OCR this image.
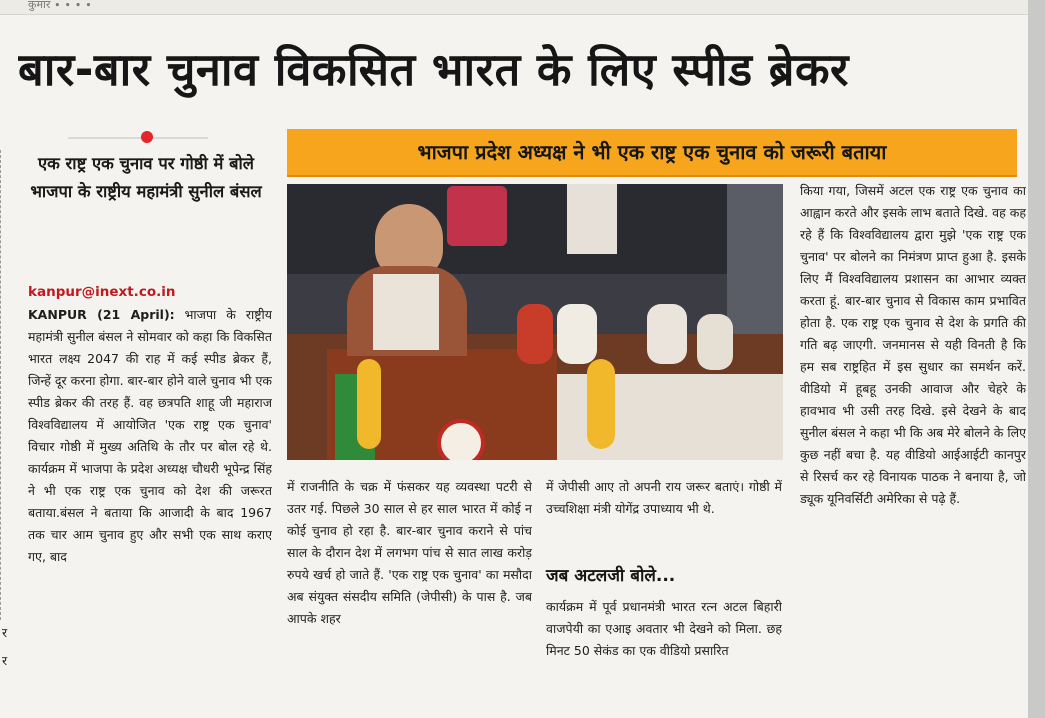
कुमार ∙ ∙ ∙ ∙
बार-बार चुनाव विकसित भारत के लिए स्पीड ब्रेकर
एक राष्ट्र एक चुनाव पर गोष्ठी में बोले भाजपा के राष्ट्रीय महामंत्री सुनील बंसल
kanpur@inext.co.in
भाजपा प्रदेश अध्यक्ष ने भी एक राष्ट्र एक चुनाव को जरूरी बताया
KANPUR (21 April): भाजपा के राष्ट्रीय महामंत्री सुनील बंसल ने सोमवार को कहा कि विकसित भारत लक्ष्य 2047 की राह में कई स्पीड ब्रेकर हैं, जिन्हें दूर करना होगा. बार-बार होने वाले चुनाव भी एक स्पीड ब्रेकर की तरह हैं. वह छत्रपति शाहू जी महाराज विश्वविद्यालय में आयोजित 'एक राष्ट्र एक चुनाव' विचार गोष्ठी में मुख्य अतिथि के तौर पर बोल रहे थे. कार्यक्रम में भाजपा के प्रदेश अध्यक्ष चौधरी भूपेन्द्र सिंह ने भी एक राष्ट्र एक चुनाव को देश की जरूरत बताया.बंसल ने बताया कि आजादी के बाद 1967 तक चार आम चुनाव हुए और सभी एक साथ कराए गए, बाद
में राजनीति के चक्र में फंसकर यह व्यवस्था पटरी से उतर गई. पिछले 30 साल से हर साल भारत में कोई न कोई चुनाव हो रहा है. बार-बार चुनाव कराने से पांच साल के दौरान देश में लगभग पांच से सात लाख करोड़ रुपये खर्च हो जाते हैं. 'एक राष्ट्र एक चुनाव' का मसौदा अब संयुक्त संसदीय समिति (जेपीसी) के पास है. जब आपके शहर
में जेपीसी आए तो अपनी राय जरूर बताएं। गोष्ठी में उच्चशिक्षा मंत्री योगेंद्र उपाध्याय भी थे.
जब अटलजी बोले...
कार्यक्रम में पूर्व प्रधानमंत्री भारत रत्न अटल बिहारी वाजपेयी का एआइ अवतार भी देखने को मिला. छह मिनट 50 सेकंड का एक वीडियो प्रसारित
किया गया, जिसमें अटल एक राष्ट्र एक चुनाव का आह्वान करते और इसके लाभ बताते दिखे. वह कह रहे हैं कि विश्वविद्यालय द्वारा मुझे 'एक राष्ट्र एक चुनाव' पर बोलने का निमंत्रण प्राप्त हुआ है. इसके लिए मैं विश्वविद्यालय प्रशासन का आभार व्यक्त करता हूं. बार-बार चुनाव से विकास काम प्रभावित होता है. एक राष्ट्र एक चुनाव से देश के प्रगति की गति बढ़ जाएगी. जनमानस से यही विनती है कि हम सब राष्ट्रहित में इस सुधार का समर्थन करें. वीडियो में हूबहू उनकी आवाज और चेहरे के हावभाव भी उसी तरह दिखे. इसे देखने के बाद सुनील बंसल ने कहा भी कि अब मेरे बोलने के लिए कुछ नहीं बचा है. यह वीडियो आईआईटी कानपुर से रिसर्च कर रहे विनायक पाठक ने बनाया है, जो ड्यूक यूनिवर्सिटी अमेरिका से पढ़े हैं.
र
र
